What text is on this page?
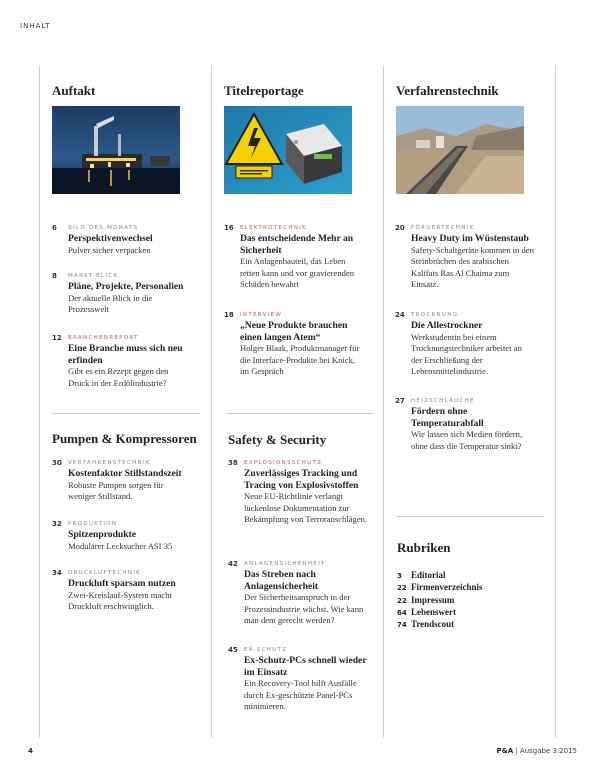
INHALT
Auftakt	Titelreportage	Verfahrenstechnik
6 BILD DES MONATS
Perspektivenwechsel
Pulver sicher verpacken
8 MARKT-BLICK
Pläne, Projekte, Personalien
Der aktuelle Blick in die Prozesswelt
12 BRANCHENREPORT
Eine Branche muss sich neu erfinden
Gibt es ein Rezept gegen den Druck in der Erdölindustrie?
Pumpen & Kompressoren
30 VERFAHRENSTECHNIK
Kostenfaktor Stillstandszeit
Robuste Pumpen sorgen für weniger Stillstand.
32 PRODUKTION
Spitzenprodukte
Modularer Lecksucher ASI 35
34 DRUCKLUFTECHNIK
Druckluft sparsam nutzen
Zwei-Kreislauf-System macht Druckluft erschwinglich.
16 ELEKTROTECHNIK
Das entscheidende Mehr an Sicherheit
Ein Anlagenbauteil, das Leben retten kann und vor gravierenden Schäden bewahrt
18 INTERVIEW
„Neue Produkte brauchen einen langen Atem“
Holger Blaak, Produktmanager für die Interface-Produkte bei Knick, im Gespräch
Safety & Security
38 EXPLOSIONSSCHUTZ
Zuverlässiges Tracking und Tracing von Explosivstoffen
Neue EU-Richtlinie verlangt lückenlose Dokumentation zur Bekämpfung von Terroranschlägen.
42 ANLAGENSICHERHEIT
Das Streben nach Anlagensicherheit
Der Sicherheitsanspruch in der Prozessindustrie wächst. Wie kann man dem gerecht werden?
45 EX-SCHUTZ
Ex-Schutz-PCs schnell wieder im Einsatz
Ein Recovery-Tool hilft Ausfälle durch Ex-geschützte Panel-PCs minimieren.
20 FÖRDERTECHNIK
Heavy Duty im Wüstenstaub
Safety-Schaltgeräte kommen in den Steinbrüchen des arabischen Kalifats Ras Al Chaima zum Einsatz.
24 TROCKNUNG
Die Allestrockner
Werkstudentin bei einem Trocknungstechniker arbeitet an der Erschließung der Lebensmittelindustrie.
27 HEIZSCHLÄUCHE
Fördern ohne Temperaturabfall
Wie lassen sich Medien fördern, ohne dass die Temperatur sinkt?
Rubriken
3 Editorial
22 Firmenverzeichnis
22 Impressum
64 Lebenswert
74 Trendscout
4	P&A | Ausgabe 3.2015
